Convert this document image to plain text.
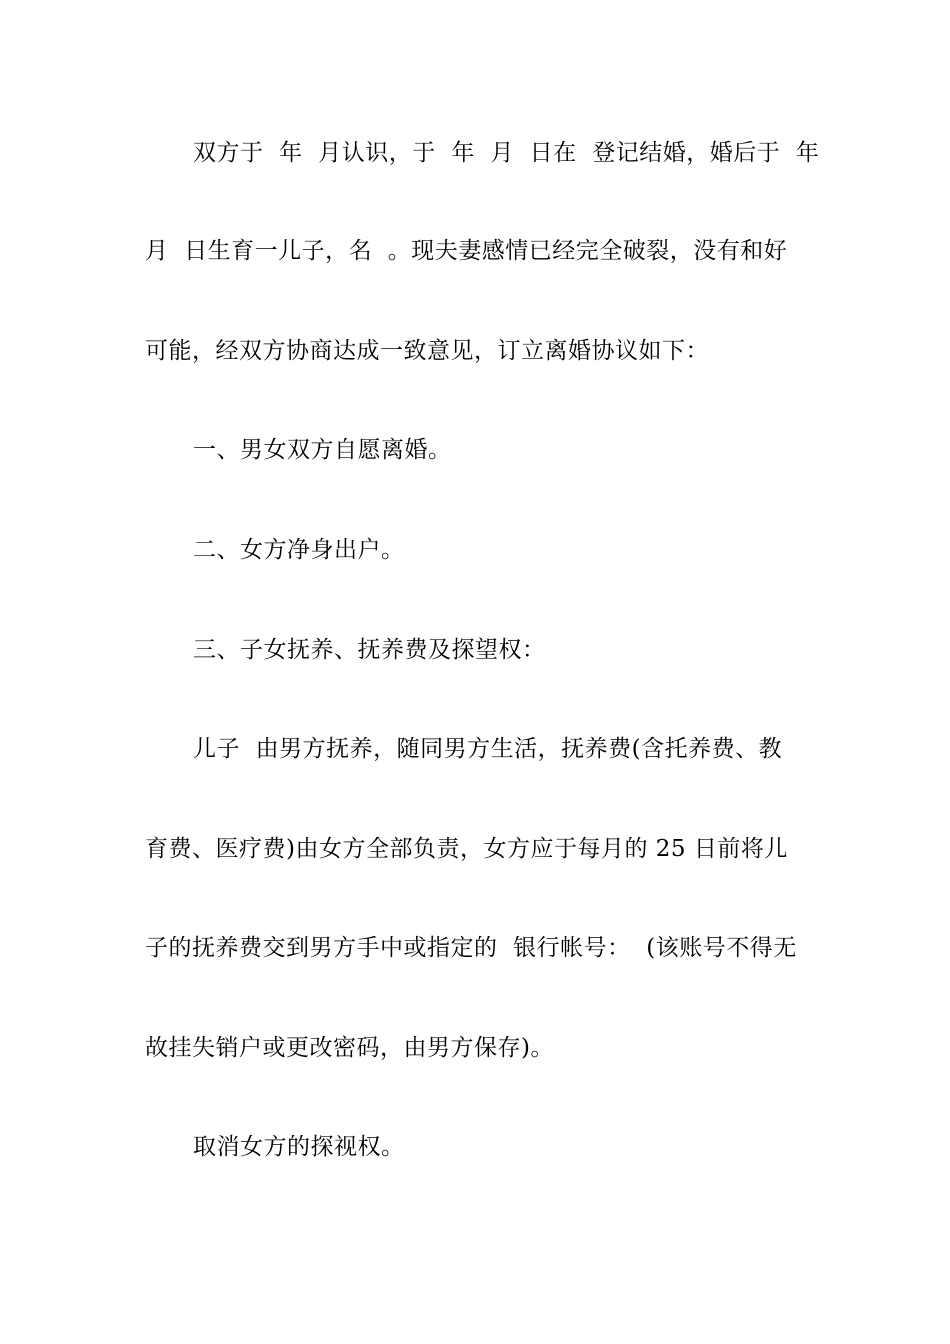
双方于  年  月认识，于  年  月  日在  登记结婚，婚后于  年
月  日生育一儿子，名  。现夫妻感情已经完全破裂，没有和好
可能，经双方协商达成一致意见，订立离婚协议如下：
一、男女双方自愿离婚。
二、女方净身出户。
三、子女抚养、抚养费及探望权：
儿子  由男方抚养，随同男方生活，抚养费(含托养费、教
育费、医疗费)由女方全部负责，女方应于每月的 25 日前将儿
子的抚养费交到男方手中或指定的  银行帐号：  (该账号不得无
故挂失销户或更改密码，由男方保存)。
取消女方的探视权。
